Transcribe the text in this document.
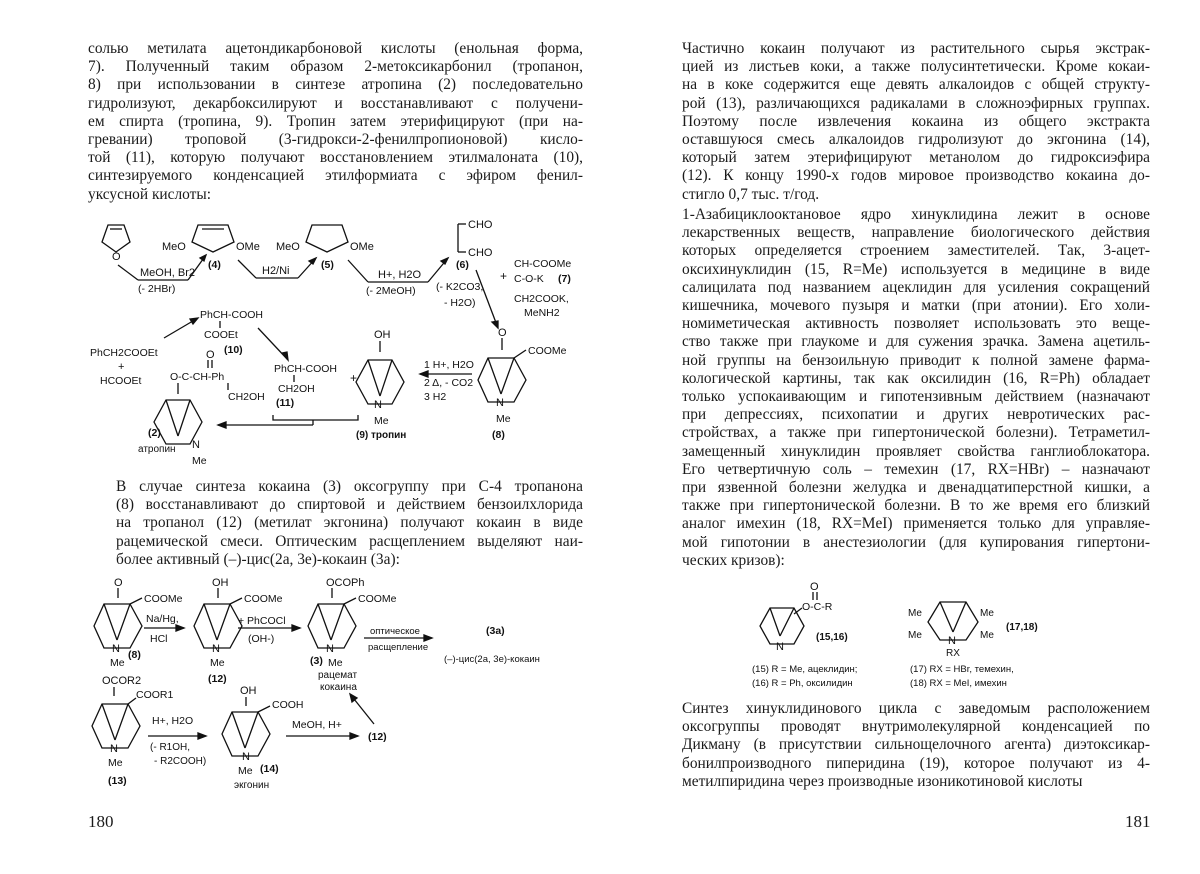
солью метилата ацетондикарбоновой кислоты (енольная форма,
7). Полученный таким образом 2-метоксикарбонил (тропанон,
8) при использовании в синтезе атропина (2) последовательно
гидролизуют, декарбоксилируют и восстанавливают с получени-
ем спирта (тропина, 9). Тропин затем этерифицируют (при на-
гревании) троповой (3-гидрокси-2-фенилпропионовой) кисло-
той (11), которую получают восстановлением этилмалоната (10),
синтезируемого конденсацией этилформиата с эфиром фенил-
уксусной кислоты:

O
MeOH, Br2
(- 2HBr)
MeO	OMe
(4)	H2/Ni
MeO	OMe
(5)
H+, H2O
(- 2MeOH)
CHO
CHO
(6)
(- K2CO3,
- H2O)
+
CH-COOMe
C-O-K (7)
CH2COOK,
MeNH2
PhCH-COOH
COOEt
(10)
PhCH2COOEt
+
HCOOEt
PhCH-COOH
CH2OH
(11)
+
OH
N
Me
(9) тропин
O
COOMe
N
Me
(8)
1 H+, H2O
2 Δ, - CO2
3 H2
O
O-C-CH-Ph
CH2OH
N
Me
(2)
атропин

В случае синтеза кокаина (3) оксогруппу при С-4 тропанона
(8) восстанавливают до спиртовой и действием бензоилхлорида
на тропанол (12) (метилат экгонина) получают кокаин в виде
рацемической смеси. Оптическим расщеплением выделяют наи-
более активный (–)-цис(2а, 3е)-кокаин (3а):

O
COOMe
N
Me
(8)
Na/Hg,
HCl
OH
COOMe
N
Me
(12)
+ PhCOCl
(OH-)
OCOPh
COOMe
N
Me
(3)
рацемат
кокаина
оптическое
расщепление
(3a)
(–)-цис(2а, 3е)-кокаин
OCOR2
COOR1
N
Me
(13)
H+, H2O
(- R1OH,
- R2COOH)
OH
COOH
N
Me (14)
экгонин
MeOH, H+
(12)
180

Частично кокаин получают из растительного сырья экстрак-
цией из листьев коки, а также полусинтетически. Кроме кокаи-
на в коке содержится еще девять алкалоидов с общей структу-
рой (13), различающихся радикалами в сложноэфирных группах.
Поэтому после извлечения кокаина из общего экстракта
оставшуюся смесь алкалоидов гидролизуют до экгонина (14),
который затем этерифицируют метанолом до гидроксиэфира
(12). К концу 1990-х годов мировое производство кокаина до-
стигло 0,7 тыс. т/год.

1-Азабициклооктановое ядро хинуклидина лежит в основе
лекарственных веществ, направление биологического действия
которых определяется строением заместителей. Так, 3-ацет-
оксихинуклидин (15, R=Me) используется в медицине в виде
салицилата под названием ацеклидин для усиления сокращений
кишечника, мочевого пузыря и матки (при атонии). Его холи-
номиметическая активность позволяет использовать это веще-
ство также при глаукоме и для сужения зрачка. Замена ацетиль-
ной группы на бензоильную приводит к полной замене фарма-
кологической картины, так как оксилидин (16, R=Ph) обладает
только успокаивающим и гипотензивным действием (назначают
при депрессиях, психопатии и других невротических рас-
стройствах, а также при гипертонической болезни). Тетраметил-
замещенный хинуклидин проявляет свойства ганглиоблокатора.
Его четвертичную соль – темехин (17, RX=HBr) – назначают
при язвенной болезни желудка и двенадцатиперстной кишки, а
также при гипертонической болезни. В то же время его близкий
аналог имехин (18, RX=MeI) применяется только для управляе-
мой гипотонии в анестезиологии (для купирования гипертони-
ческих кризов):

O
O-C-R
N
(15,16)
Me
Me
Me
Me
N
RX
(17,18)
(15) R = Me, ацеклидин;
(16) R = Ph, оксилидин
(17) RX = HBr, темехин,
(18) RX = MeI, имехин

Синтез хинуклидинового цикла с заведомым расположением
оксогруппы проводят внутримолекулярной конденсацией по
Дикману (в присутствии сильнощелочного агента) диэтоксикар-
бонилпроизводного пиперидина (19), которое получают из 4-
метилпиридина через производные изоникотиновой кислоты

181
